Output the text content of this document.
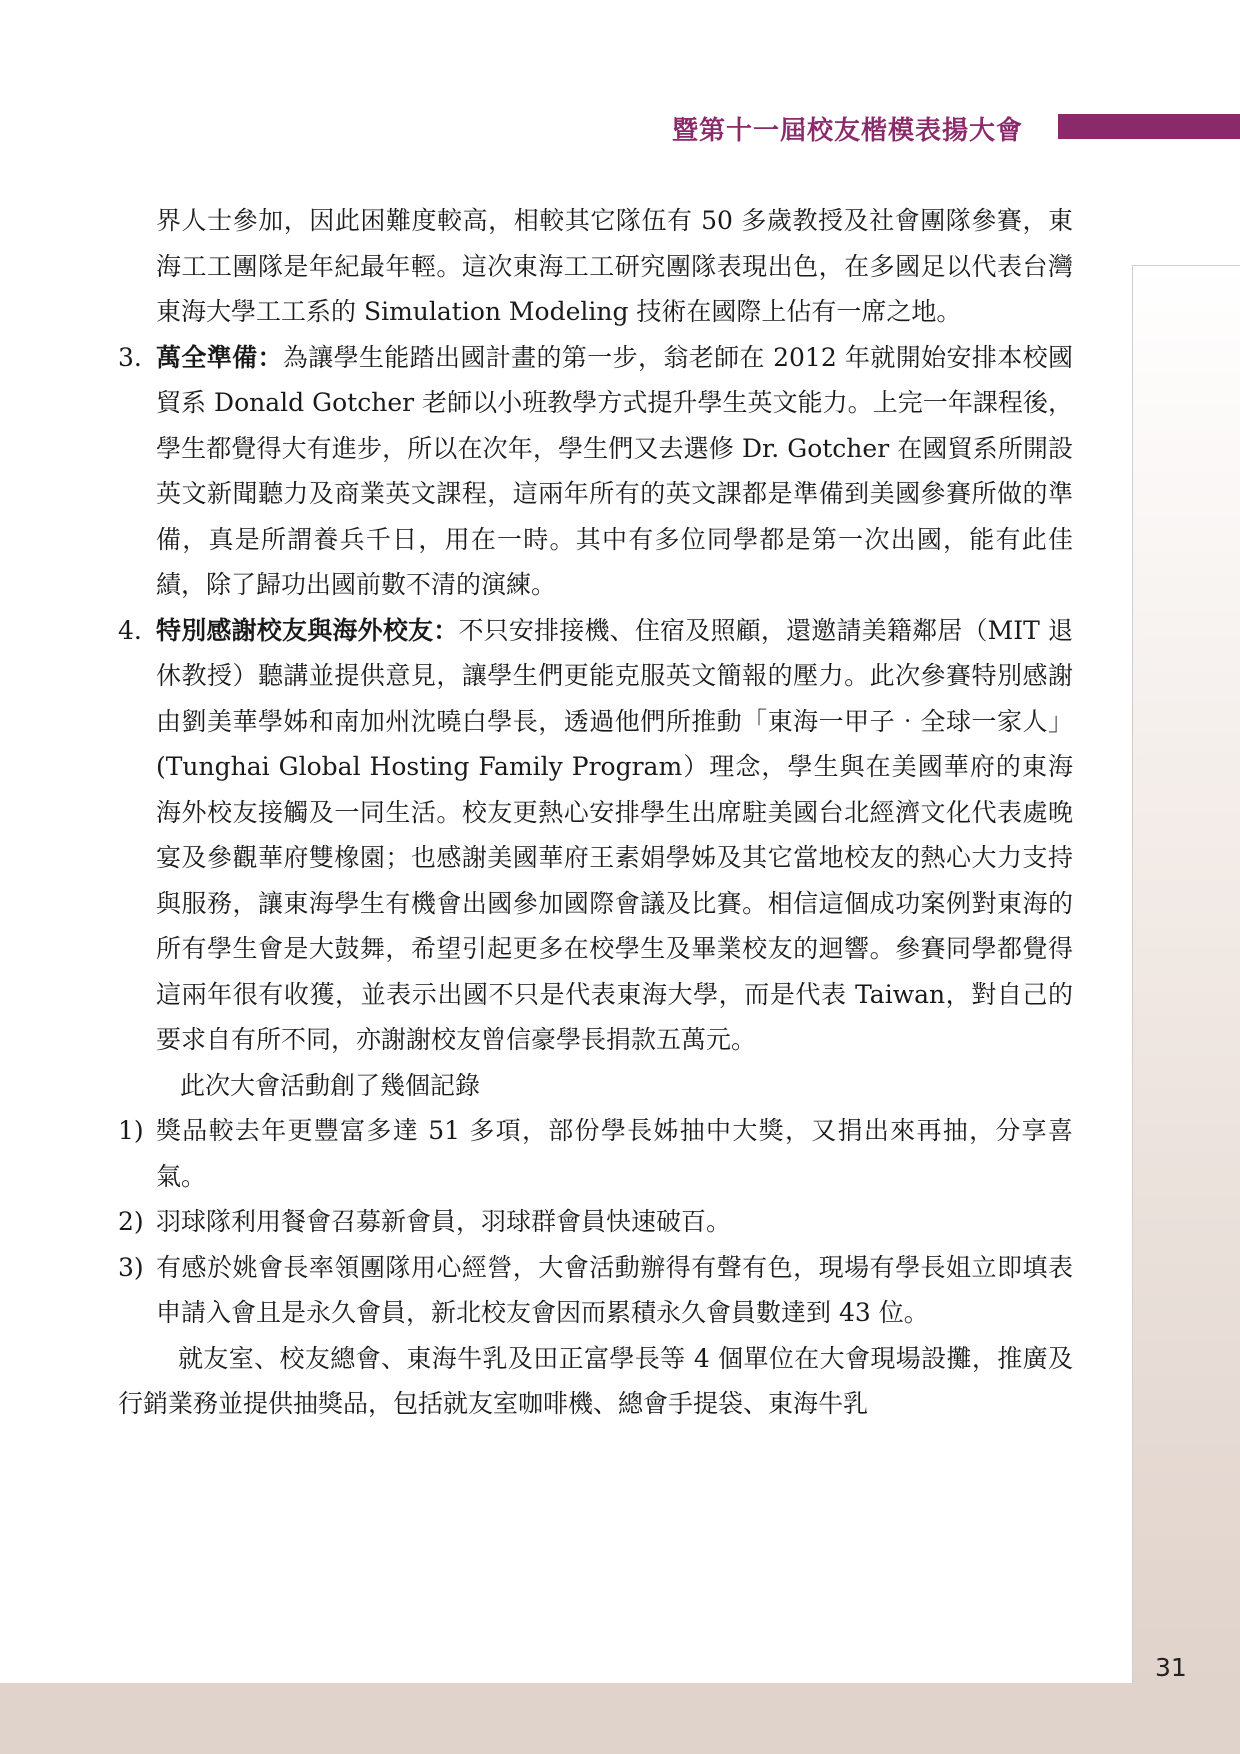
暨第十一屆校友楷模表揚大會

界人士參加，因此困難度較高，相較其它隊伍有 50 多歲教授及社會團隊參賽，東海工工團隊是年紀最年輕。這次東海工工研究團隊表現出色，在多國足以代表台灣東海大學工工系的 Simulation Modeling 技術在國際上佔有一席之地。

3. 萬全準備：為讓學生能踏出國計畫的第一步，翁老師在 2012 年就開始安排本校國貿系 Donald Gotcher 老師以小班教學方式提升學生英文能力。上完一年課程後，學生都覺得大有進步，所以在次年，學生們又去選修 Dr. Gotcher 在國貿系所開設英文新聞聽力及商業英文課程，這兩年所有的英文課都是準備到美國參賽所做的準備，真是所謂養兵千日，用在一時。其中有多位同學都是第一次出國，能有此佳績，除了歸功出國前數不清的演練。

4. 特別感謝校友與海外校友：不只安排接機、住宿及照顧，還邀請美籍鄰居（MIT 退休教授）聽講並提供意見，讓學生們更能克服英文簡報的壓力。此次參賽特別感謝由劉美華學姊和南加州沈曉白學長，透過他們所推動「東海一甲子‧全球一家人」(Tunghai Global Hosting Family Program）理念，學生與在美國華府的東海海外校友接觸及一同生活。校友更熱心安排學生出席駐美國台北經濟文化代表處晚宴及參觀華府雙橡園；也感謝美國華府王素娟學姊及其它當地校友的熱心大力支持與服務，讓東海學生有機會出國參加國際會議及比賽。相信這個成功案例對東海的所有學生會是大鼓舞，希望引起更多在校學生及畢業校友的迴響。參賽同學都覺得這兩年很有收獲，並表示出國不只是代表東海大學，而是代表 Taiwan，對自己的要求自有所不同，亦謝謝校友曾信豪學長捐款五萬元。

此次大會活動創了幾個記錄

1) 獎品較去年更豐富多達 51 多項，部份學長姊抽中大獎，又捐出來再抽，分享喜氣。

2) 羽球隊利用餐會召募新會員，羽球群會員快速破百。

3) 有感於姚會長率領團隊用心經營，大會活動辦得有聲有色，現場有學長姐立即填表申請入會且是永久會員，新北校友會因而累積永久會員數達到 43 位。

就友室、校友總會、東海牛乳及田正富學長等 4 個單位在大會現場設攤，推廣及行銷業務並提供抽獎品，包括就友室咖啡機、總會手提袋、東海牛乳

31
